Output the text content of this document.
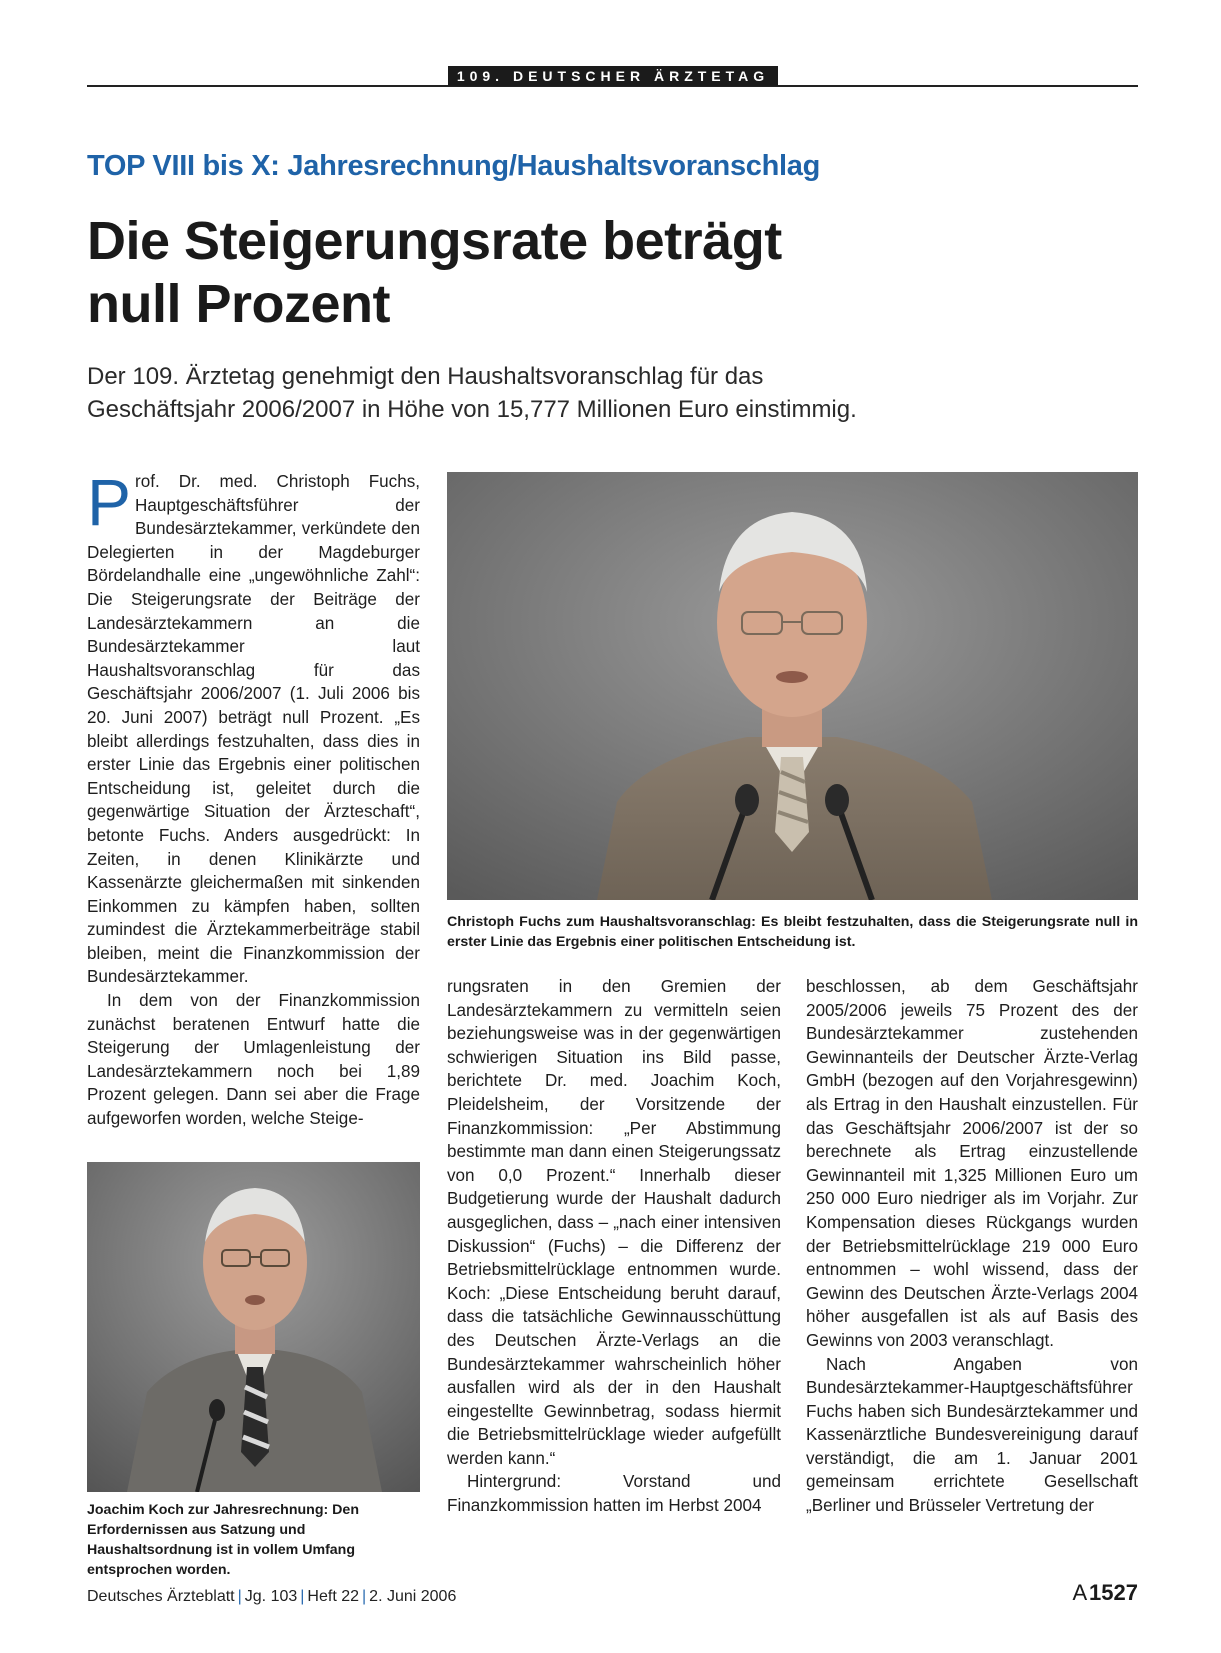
109. DEUTSCHER ÄRZTETAG
TOP VIII bis X: Jahresrechnung/Haushaltsvoranschlag
Die Steigerungsrate beträgt
null Prozent
Der 109. Ärztetag genehmigt den Haushaltsvoranschlag für das
Geschäftsjahr 2006/2007 in Höhe von 15,777 Millionen Euro einstimmig.

Prof. Dr. med. Christoph Fuchs, Hauptgeschäftsführer der Bundesärztekammer, verkündete den Delegierten in der Magdeburger Bördelandhalle eine „ungewöhnliche Zahl“: Die Steigerungsrate der Beiträge der Landesärztekammern an die Bundesärztekammer laut Haushaltsvoranschlag für das Geschäftsjahr 2006/2007 (1. Juli 2006 bis 20. Juni 2007) beträgt null Prozent. „Es bleibt allerdings festzuhalten, dass dies in erster Linie das Ergebnis einer politischen Entscheidung ist, geleitet durch die gegenwärtige Situation der Ärzteschaft“, betonte Fuchs. Anders ausgedrückt: In Zeiten, in denen Klinikärzte und Kassenärzte gleichermaßen mit sinkenden Einkommen zu kämpfen haben, sollten zumindest die Ärztekammerbeiträge stabil bleiben, meint die Finanzkommission der Bundesärztekammer.

In dem von der Finanzkommission zunächst beratenen Entwurf hatte die Steigerung der Umlagenleistung der Landesärztekammern noch bei 1,89 Prozent gelegen. Dann sei aber die Frage aufgeworfen worden, welche Steige-

Christoph Fuchs zum Haushaltsvoranschlag: Es bleibt festzuhalten, dass die Steigerungsrate null in erster Linie das Ergebnis einer politischen Entscheidung ist.
Joachim Koch zur Jahresrechnung: Den Erfordernissen aus Satzung und Haushaltsordnung ist in vollem Umfang entsprochen worden.

rungsraten in den Gremien der Landesärztekammern zu vermitteln seien beziehungsweise was in der gegenwärtigen schwierigen Situation ins Bild passe, berichtete Dr. med. Joachim Koch, Pleidelsheim, der Vorsitzende der Finanzkommission: „Per Abstimmung bestimmte man dann einen Steigerungssatz von 0,0 Prozent.“ Innerhalb dieser Budgetierung wurde der Haushalt dadurch ausgeglichen, dass – „nach einer intensiven Diskussion“ (Fuchs) – die Differenz der Betriebsmittelrücklage entnommen wurde. Koch: „Diese Entscheidung beruht darauf, dass die tatsächliche Gewinnausschüttung des Deutschen Ärzte-Verlags an die Bundesärztekammer wahrscheinlich höher ausfallen wird als der in den Haushalt eingestellte Gewinnbetrag, sodass hiermit die Betriebsmittelrücklage wieder aufgefüllt werden kann.“

Hintergrund: Vorstand und Finanzkommission hatten im Herbst 2004

beschlossen, ab dem Geschäftsjahr 2005/2006 jeweils 75 Prozent des der Bundesärztekammer zustehenden Gewinnanteils der Deutscher Ärzte-Verlag GmbH (bezogen auf den Vorjahresgewinn) als Ertrag in den Haushalt einzustellen. Für das Geschäftsjahr 2006/2007 ist der so berechnete als Ertrag einzustellende Gewinnanteil mit 1,325 Millionen Euro um 250 000 Euro niedriger als im Vorjahr. Zur Kompensation dieses Rückgangs wurden der Betriebsmittelrücklage 219 000 Euro entnommen – wohl wissend, dass der Gewinn des Deutschen Ärzte-Verlags 2004 höher ausgefallen ist als auf Basis des Gewinns von 2003 veranschlagt.

Nach Angaben von Bundesärztekammer-Hauptgeschäftsführer Fuchs haben sich Bundesärztekammer und Kassenärztliche Bundesvereinigung darauf verständigt, die am 1. Januar 2001 gemeinsam errichtete Gesellschaft „Berliner und Brüsseler Vertretung der

Deutsches Ärzteblatt | Jg. 103 | Heft 22 | 2. Juni 2006	A 1527
